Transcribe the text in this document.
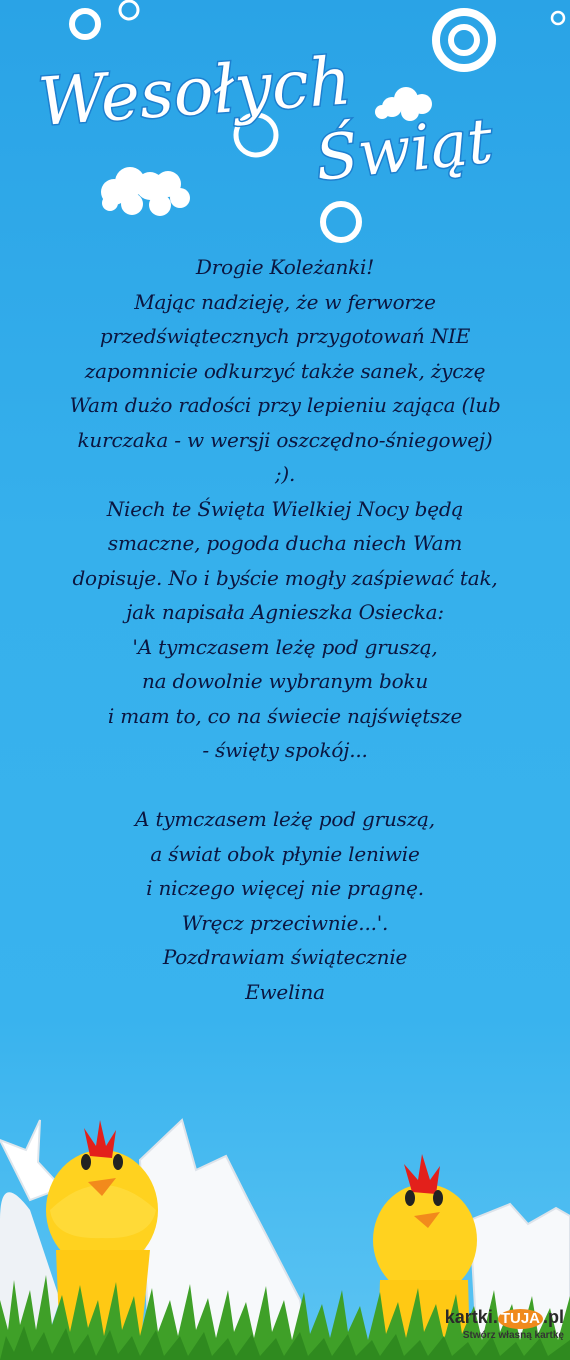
Wesołych
Świąt
Drogie Koleżanki!
Mając nadzieję, że w ferworze
przedświątecznych przygotowań NIE
zapomnicie odkurzyć także sanek, życzę
Wam dużo radości przy lepieniu zająca (lub
kurczaka - w wersji oszczędno-śniegowej)
;).
Niech te Święta Wielkiej Nocy będą
smaczne, pogoda ducha niech Wam
dopisuje. No i byście mogły zaśpiewać tak,
jak napisała Agnieszka Osiecka:
'A tymczasem leżę pod gruszą,
na dowolnie wybranym boku
i mam to, co na świecie najświętsze
- święty spokój...
A tymczasem leżę pod gruszą,
a świat obok płynie leniwie
i niczego więcej nie pragnę.
Wręcz przeciwnie...'.
Pozdrawiam świątecznie
Ewelina
kartki. TUJA .pl
Stwórz własną kartkę
